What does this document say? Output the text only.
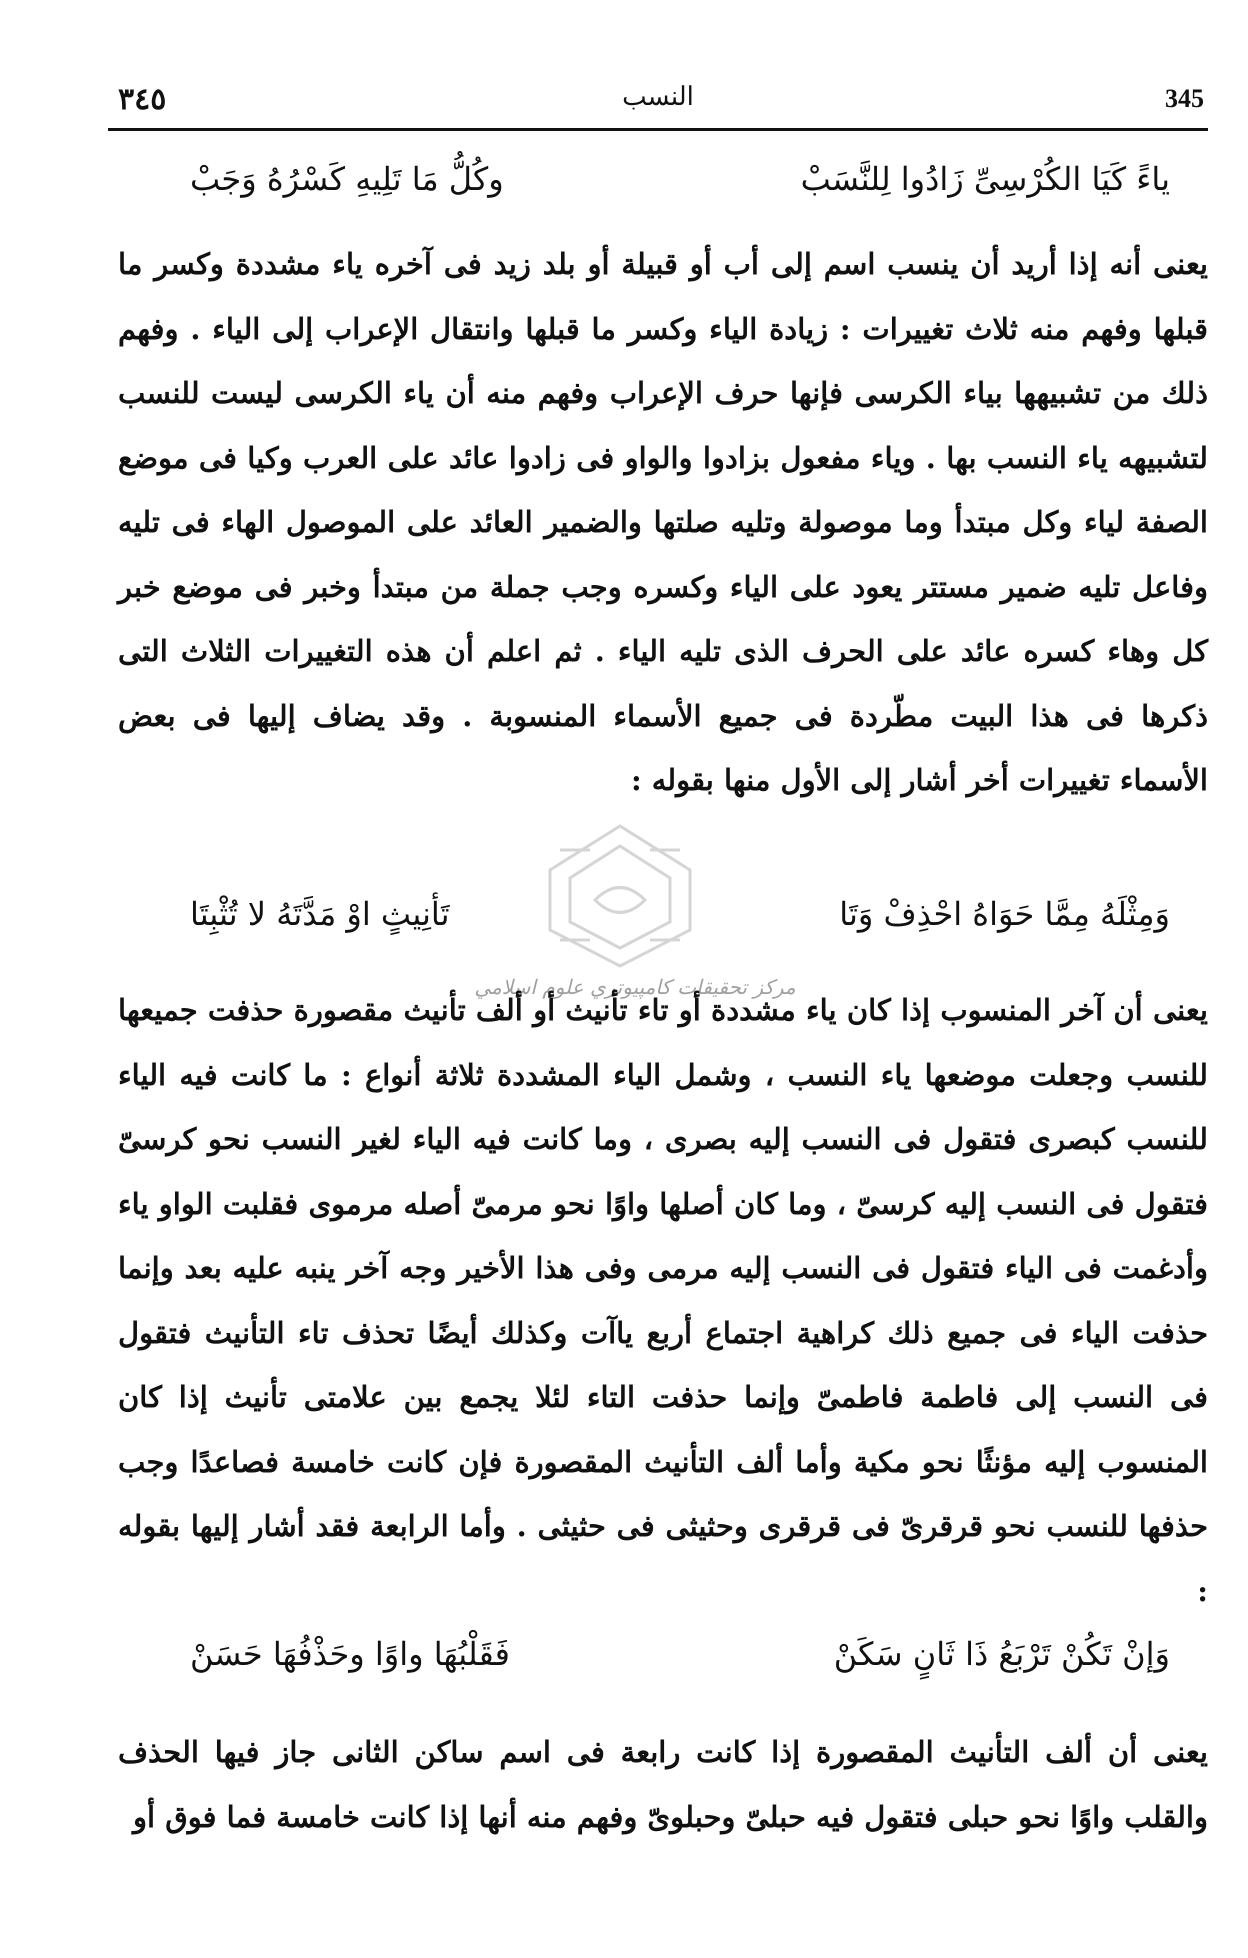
٣٤٥	النسب	345
ياءً كَيَا الكُرْسِىِّ زَادُوا لِلنَّسَبْ
وكُلُّ مَا تَلِيهِ كَسْرُهُ وَجَبْ

يعنى أنه إذا أريد أن ينسب اسم إلى أب أو قبيلة أو بلد زيد فى آخره ياء مشددة وكسر ما قبلها وفهم منه ثلاث تغييرات : زيادة الياء وكسر ما قبلها وانتقال الإعراب إلى الياء . وفهم ذلك من تشبيهها بياء الكرسى فإنها حرف الإعراب وفهم منه أن ياء الكرسى ليست للنسب لتشبيهه ياء النسب بها . وياء مفعول بزادوا والواو فى زادوا عائد على العرب وكيا فى موضع الصفة لياء وكل مبتدأ وما موصولة وتليه صلتها والضمير العائد على الموصول الهاء فى تليه وفاعل تليه ضمير مستتر يعود على الياء وكسره وجب جملة من مبتدأ وخبر فى موضع خبر كل وهاء كسره عائد على الحرف الذى تليه الياء . ثم اعلم أن هذه التغييرات الثلاث التى ذكرها فى هذا البيت مطّردة فى جميع الأسماء المنسوبة . وقد يضاف إليها فى بعض الأسماء تغييرات أخر أشار إلى الأول منها بقوله :

وَمِثْلَهُ مِمَّا حَوَاهُ احْذِفْ وَتَا
تَأنِيثٍ اوْ مَدَّتَهُ لا تُثْبِتَا
مركز تحقيقات كامپيوتري علوم اسلامي

يعنى أن آخر المنسوب إذا كان ياء مشددة أو تاء تأنيث أو ألف تأنيث مقصورة حذفت جميعها للنسب وجعلت موضعها ياء النسب ، وشمل الياء المشددة ثلاثة أنواع : ما كانت فيه الياء للنسب كبصرى فتقول فى النسب إليه بصرى ، وما كانت فيه الياء لغير النسب نحو كرسىّ فتقول فى النسب إليه كرسىّ ، وما كان أصلها واوًا نحو مرمىّ أصله مرموى فقلبت الواو ياء وأدغمت فى الياء فتقول فى النسب إليه مرمى وفى هذا الأخير وجه آخر ينبه عليه بعد وإنما حذفت الياء فى جميع ذلك كراهية اجتماع أربع ياآت وكذلك أيضًا تحذف تاء التأنيث فتقول فى النسب إلى فاطمة فاطمىّ وإنما حذفت التاء لئلا يجمع بين علامتى تأنيث إذا كان المنسوب إليه مؤنثًا نحو مكية وأما ألف التأنيث المقصورة فإن كانت خامسة فصاعدًا وجب حذفها للنسب نحو قرقرىّ فى قرقرى وحثيثى فى حثيثى . وأما الرابعة فقد أشار إليها بقوله :

وَإنْ تَكُنْ تَرْبَعُ ذَا ثَانٍ سَكَنْ
فَقَلْبُهَا واوًا وحَذْفُهَا حَسَنْ

يعنى أن ألف التأنيث المقصورة إذا كانت رابعة فى اسم ساكن الثانى جاز فيها الحذف والقلب واوًا نحو حبلى فتقول فيه حبلىّ وحبلوىّ وفهم منه أنها إذا كانت خامسة فما فوق أو
